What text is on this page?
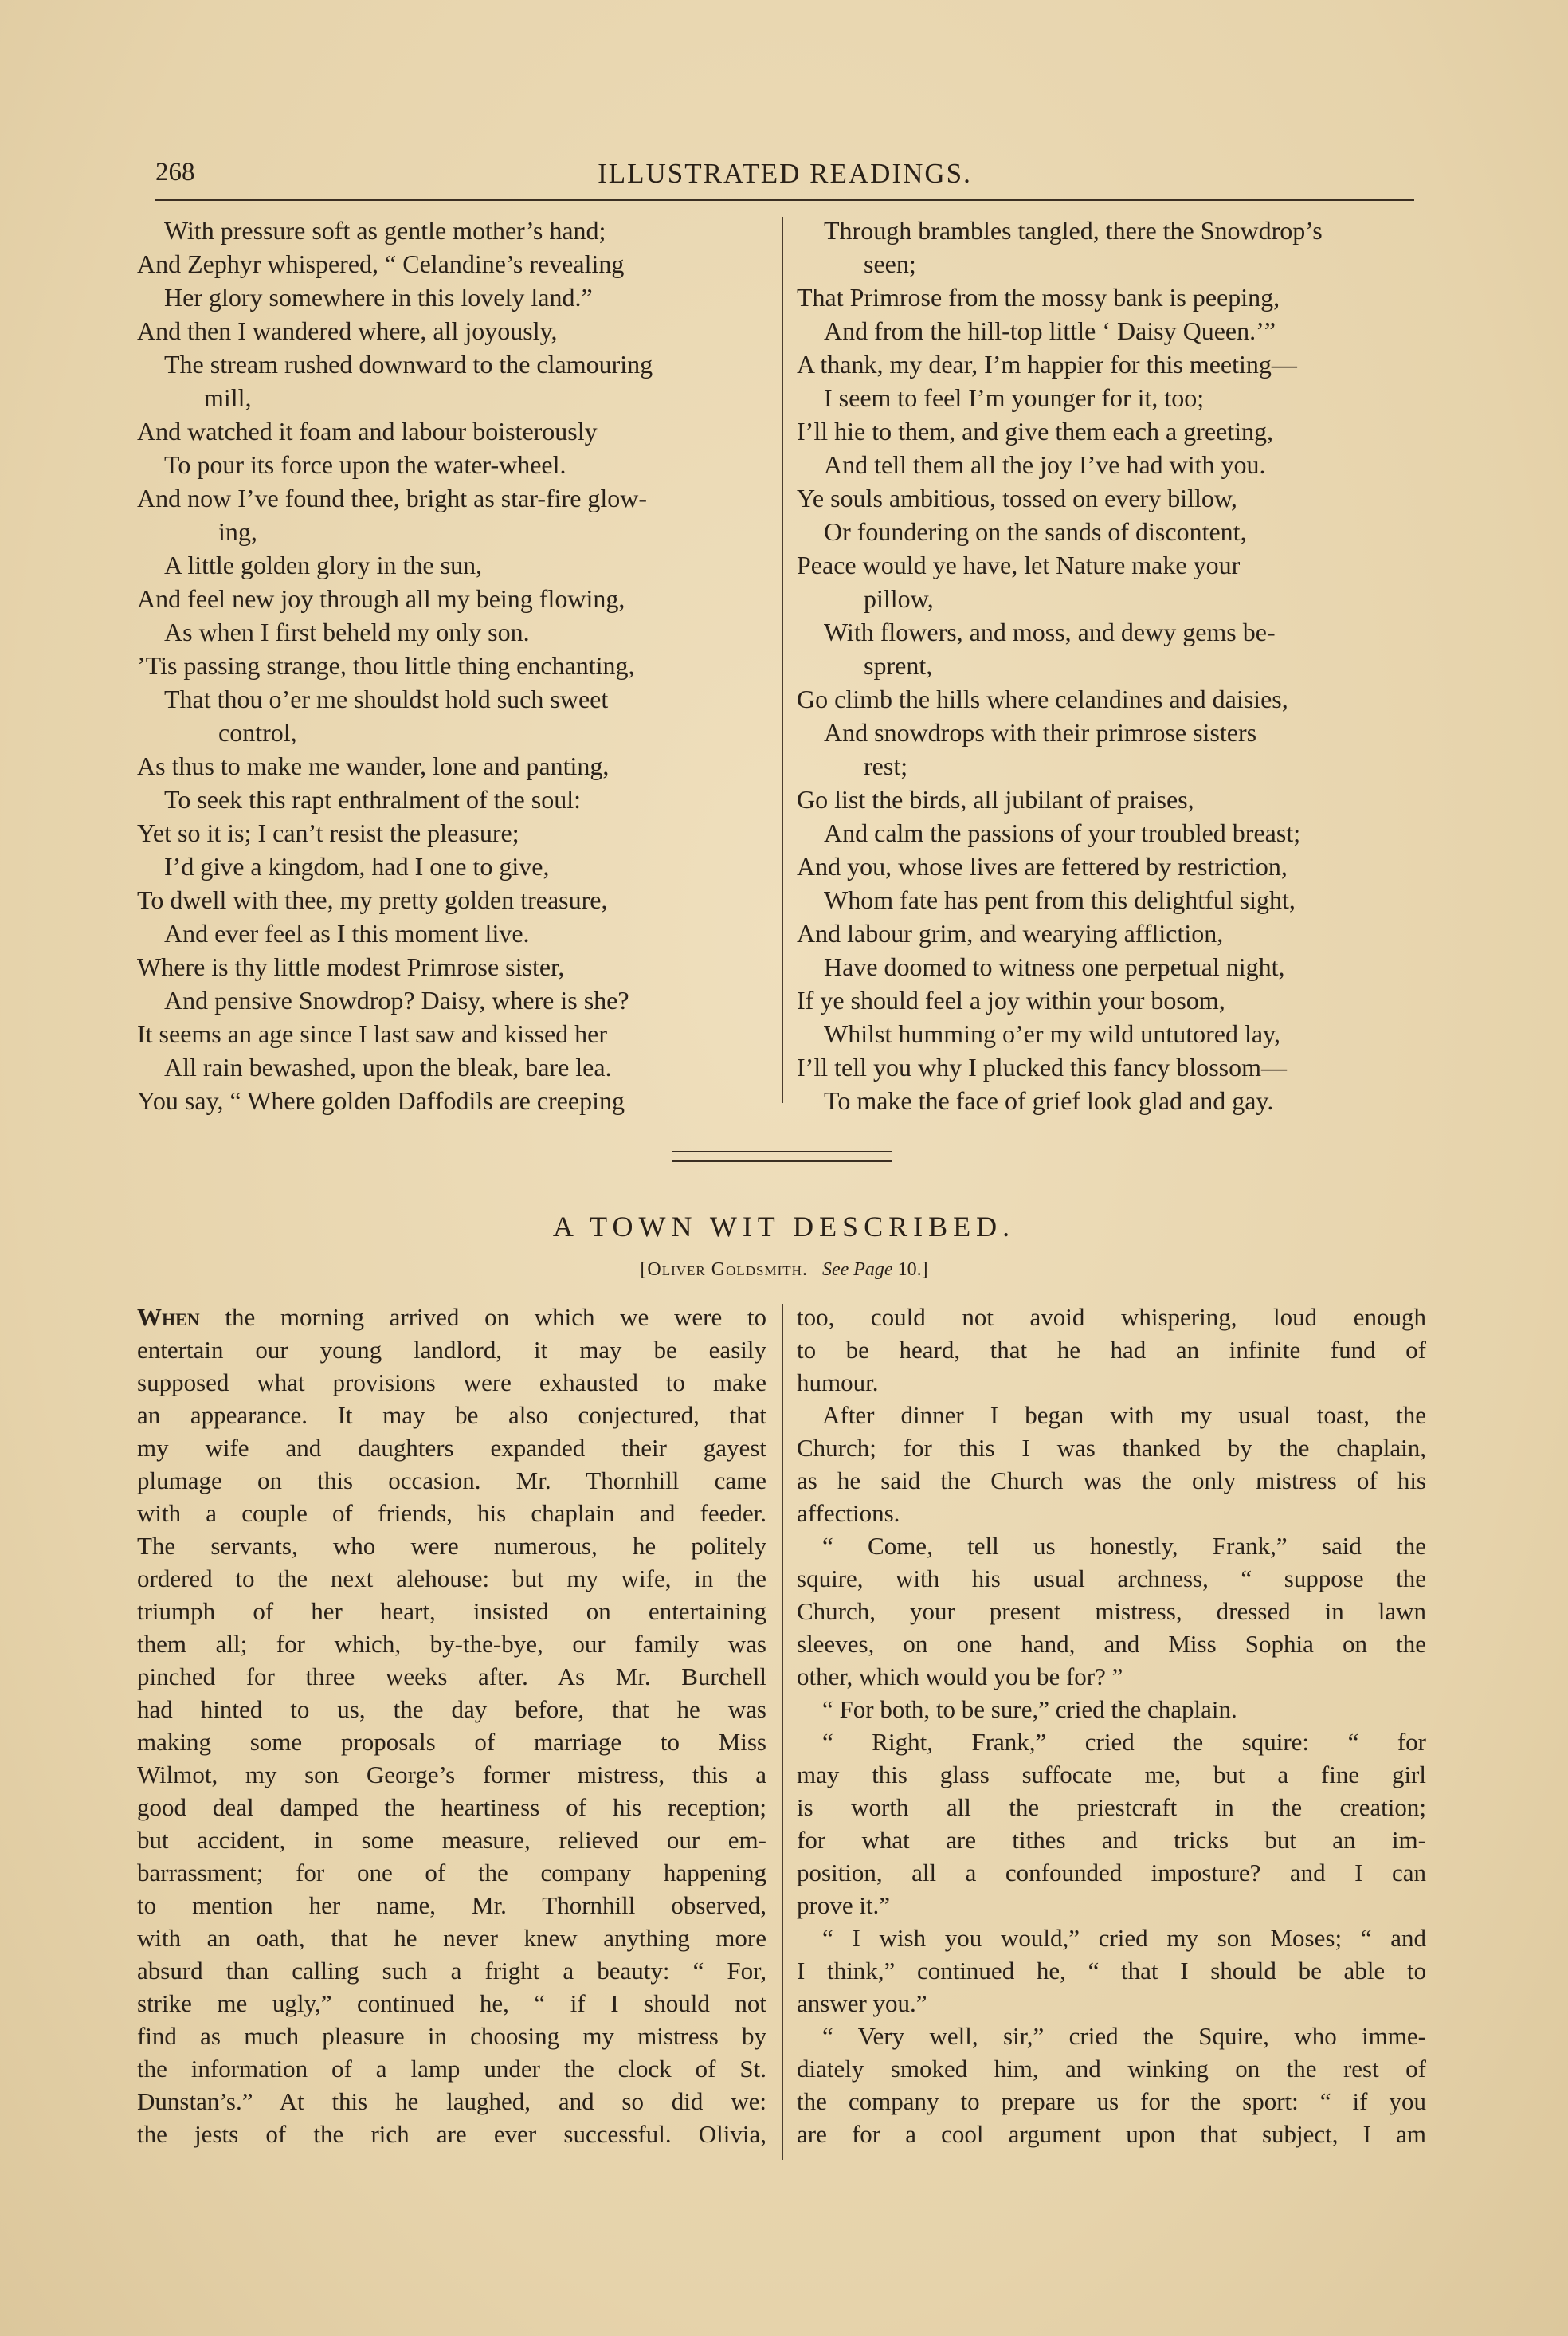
268	ILLUSTRATED READINGS.
With pressure soft as gentle mother’s hand;
And Zephyr whispered, “ Celandine’s revealing
Her glory somewhere in this lovely land.”
And then I wandered where, all joyously,
The stream rushed downward to the clamouring
mill,
And watched it foam and labour boisterously
To pour its force upon the water-wheel.
And now I’ve found thee, bright as star-fire glow-
ing,
A little golden glory in the sun,
And feel new joy through all my being flowing,
As when I first beheld my only son.
’Tis passing strange, thou little thing enchanting,
That thou o’er me shouldst hold such sweet
control,
As thus to make me wander, lone and panting,
To seek this rapt enthralment of the soul:
Yet so it is; I can’t resist the pleasure;
I’d give a kingdom, had I one to give,
To dwell with thee, my pretty golden treasure,
And ever feel as I this moment live.
Where is thy little modest Primrose sister,
And pensive Snowdrop? Daisy, where is she?
It seems an age since I last saw and kissed her
All rain bewashed, upon the bleak, bare lea.
You say, “ Where golden Daffodils are creeping
Through brambles tangled, there the Snowdrop’s
seen;
That Primrose from the mossy bank is peeping,
And from the hill-top little ‘ Daisy Queen.’”
A thank, my dear, I’m happier for this meeting—
I seem to feel I’m younger for it, too;
I’ll hie to them, and give them each a greeting,
And tell them all the joy I’ve had with you.
Ye souls ambitious, tossed on every billow,
Or foundering on the sands of discontent,
Peace would ye have, let Nature make your
pillow,
With flowers, and moss, and dewy gems be-
sprent,
Go climb the hills where celandines and daisies,
And snowdrops with their primrose sisters
rest;
Go list the birds, all jubilant of praises,
And calm the passions of your troubled breast;
And you, whose lives are fettered by restriction,
Whom fate has pent from this delightful sight,
And labour grim, and wearying affliction,
Have doomed to witness one perpetual night,
If ye should feel a joy within your bosom,
Whilst humming o’er my wild untutored lay,
I’ll tell you why I plucked this fancy blossom—
To make the face of grief look glad and gay.
A TOWN WIT DESCRIBED.
[Oliver Goldsmith. See Page 10.]
When the morning arrived on which we were to
entertain our young landlord, it may be easily
supposed what provisions were exhausted to make
an appearance. It may be also conjectured, that
my wife and daughters expanded their gayest
plumage on this occasion. Mr. Thornhill came
with a couple of friends, his chaplain and feeder.
The servants, who were numerous, he politely
ordered to the next alehouse: but my wife, in the
triumph of her heart, insisted on entertaining
them all; for which, by-the-bye, our family was
pinched for three weeks after. As Mr. Burchell
had hinted to us, the day before, that he was
making some proposals of marriage to Miss
Wilmot, my son George’s former mistress, this a
good deal damped the heartiness of his reception;
but accident, in some measure, relieved our em-
barrassment; for one of the company happening
to mention her name, Mr. Thornhill observed,
with an oath, that he never knew anything more
absurd than calling such a fright a beauty: “ For,
strike me ugly,” continued he, “ if I should not
find as much pleasure in choosing my mistress by
the information of a lamp under the clock of St.
Dunstan’s.” At this he laughed, and so did we:
the jests of the rich are ever successful. Olivia,
too, could not avoid whispering, loud enough
to be heard, that he had an infinite fund of
humour.
After dinner I began with my usual toast, the
Church; for this I was thanked by the chaplain,
as he said the Church was the only mistress of his
affections.
“ Come, tell us honestly, Frank,” said the
squire, with his usual archness, “ suppose the
Church, your present mistress, dressed in lawn
sleeves, on one hand, and Miss Sophia on the
other, which would you be for? ”
“ For both, to be sure,” cried the chaplain.
“ Right, Frank,” cried the squire: “ for
may this glass suffocate me, but a fine girl
is worth all the priestcraft in the creation;
for what are tithes and tricks but an im-
position, all a confounded imposture? and I can
prove it.”
“ I wish you would,” cried my son Moses; “ and
I think,” continued he, “ that I should be able to
answer you.”
“ Very well, sir,” cried the Squire, who imme-
diately smoked him, and winking on the rest of
the company to prepare us for the sport: “ if you
are for a cool argument upon that subject, I am
